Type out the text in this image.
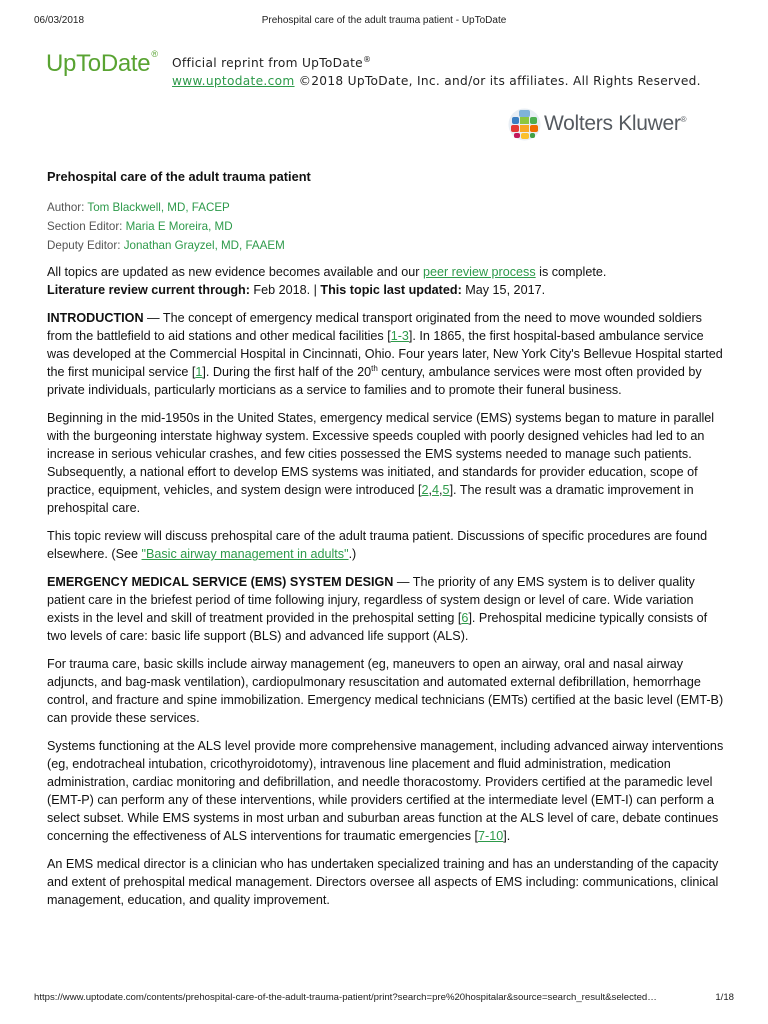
06/03/2018	Prehospital care of the adult trauma patient - UpToDate
UpToDate®
Official reprint from UpToDate®
www.uptodate.com ©2018 UpToDate, Inc. and/or its affiliates. All Rights Reserved.
Wolters Kluwer®
Prehospital care of the adult trauma patient
Author: Tom Blackwell, MD, FACEP
Section Editor: Maria E Moreira, MD
Deputy Editor: Jonathan Grayzel, MD, FAAEM

All topics are updated as new evidence becomes available and our peer review process is complete.
Literature review current through: Feb 2018. | This topic last updated: May 15, 2017.

INTRODUCTION — The concept of emergency medical transport originated from the need to move wounded soldiers from the battlefield to aid stations and other medical facilities [1-3]. In 1865, the first hospital-based ambulance service was developed at the Commercial Hospital in Cincinnati, Ohio. Four years later, New York City's Bellevue Hospital started the first municipal service [1]. During the first half of the 20th century, ambulance services were most often provided by private individuals, particularly morticians as a service to families and to promote their funeral business.

Beginning in the mid-1950s in the United States, emergency medical service (EMS) systems began to mature in parallel with the burgeoning interstate highway system. Excessive speeds coupled with poorly designed vehicles had led to an increase in serious vehicular crashes, and few cities possessed the EMS systems needed to manage such patients. Subsequently, a national effort to develop EMS systems was initiated, and standards for provider education, scope of practice, equipment, vehicles, and system design were introduced [2,4,5]. The result was a dramatic improvement in prehospital care.

This topic review will discuss prehospital care of the adult trauma patient. Discussions of specific procedures are found elsewhere. (See "Basic airway management in adults".)

EMERGENCY MEDICAL SERVICE (EMS) SYSTEM DESIGN — The priority of any EMS system is to deliver quality patient care in the briefest period of time following injury, regardless of system design or level of care. Wide variation exists in the level and skill of treatment provided in the prehospital setting [6]. Prehospital medicine typically consists of two levels of care: basic life support (BLS) and advanced life support (ALS).

For trauma care, basic skills include airway management (eg, maneuvers to open an airway, oral and nasal airway adjuncts, and bag-mask ventilation), cardiopulmonary resuscitation and automated external defibrillation, hemorrhage control, and fracture and spine immobilization. Emergency medical technicians (EMTs) certified at the basic level (EMT-B) can provide these services.

Systems functioning at the ALS level provide more comprehensive management, including advanced airway interventions (eg, endotracheal intubation, cricothyroidotomy), intravenous line placement and fluid administration, medication administration, cardiac monitoring and defibrillation, and needle thoracostomy. Providers certified at the paramedic level (EMT-P) can perform any of these interventions, while providers certified at the intermediate level (EMT-I) can perform a select subset. While EMS systems in most urban and suburban areas function at the ALS level of care, debate continues concerning the effectiveness of ALS interventions for traumatic emergencies [7-10].

An EMS medical director is a clinician who has undertaken specialized training and has an understanding of the capacity and extent of prehospital medical management. Directors oversee all aspects of EMS including: communications, clinical management, education, and quality improvement.

https://www.uptodate.com/contents/prehospital-care-of-the-adult-trauma-patient/print?search=pre%20hospitalar&source=search_result&selected…	1/18
